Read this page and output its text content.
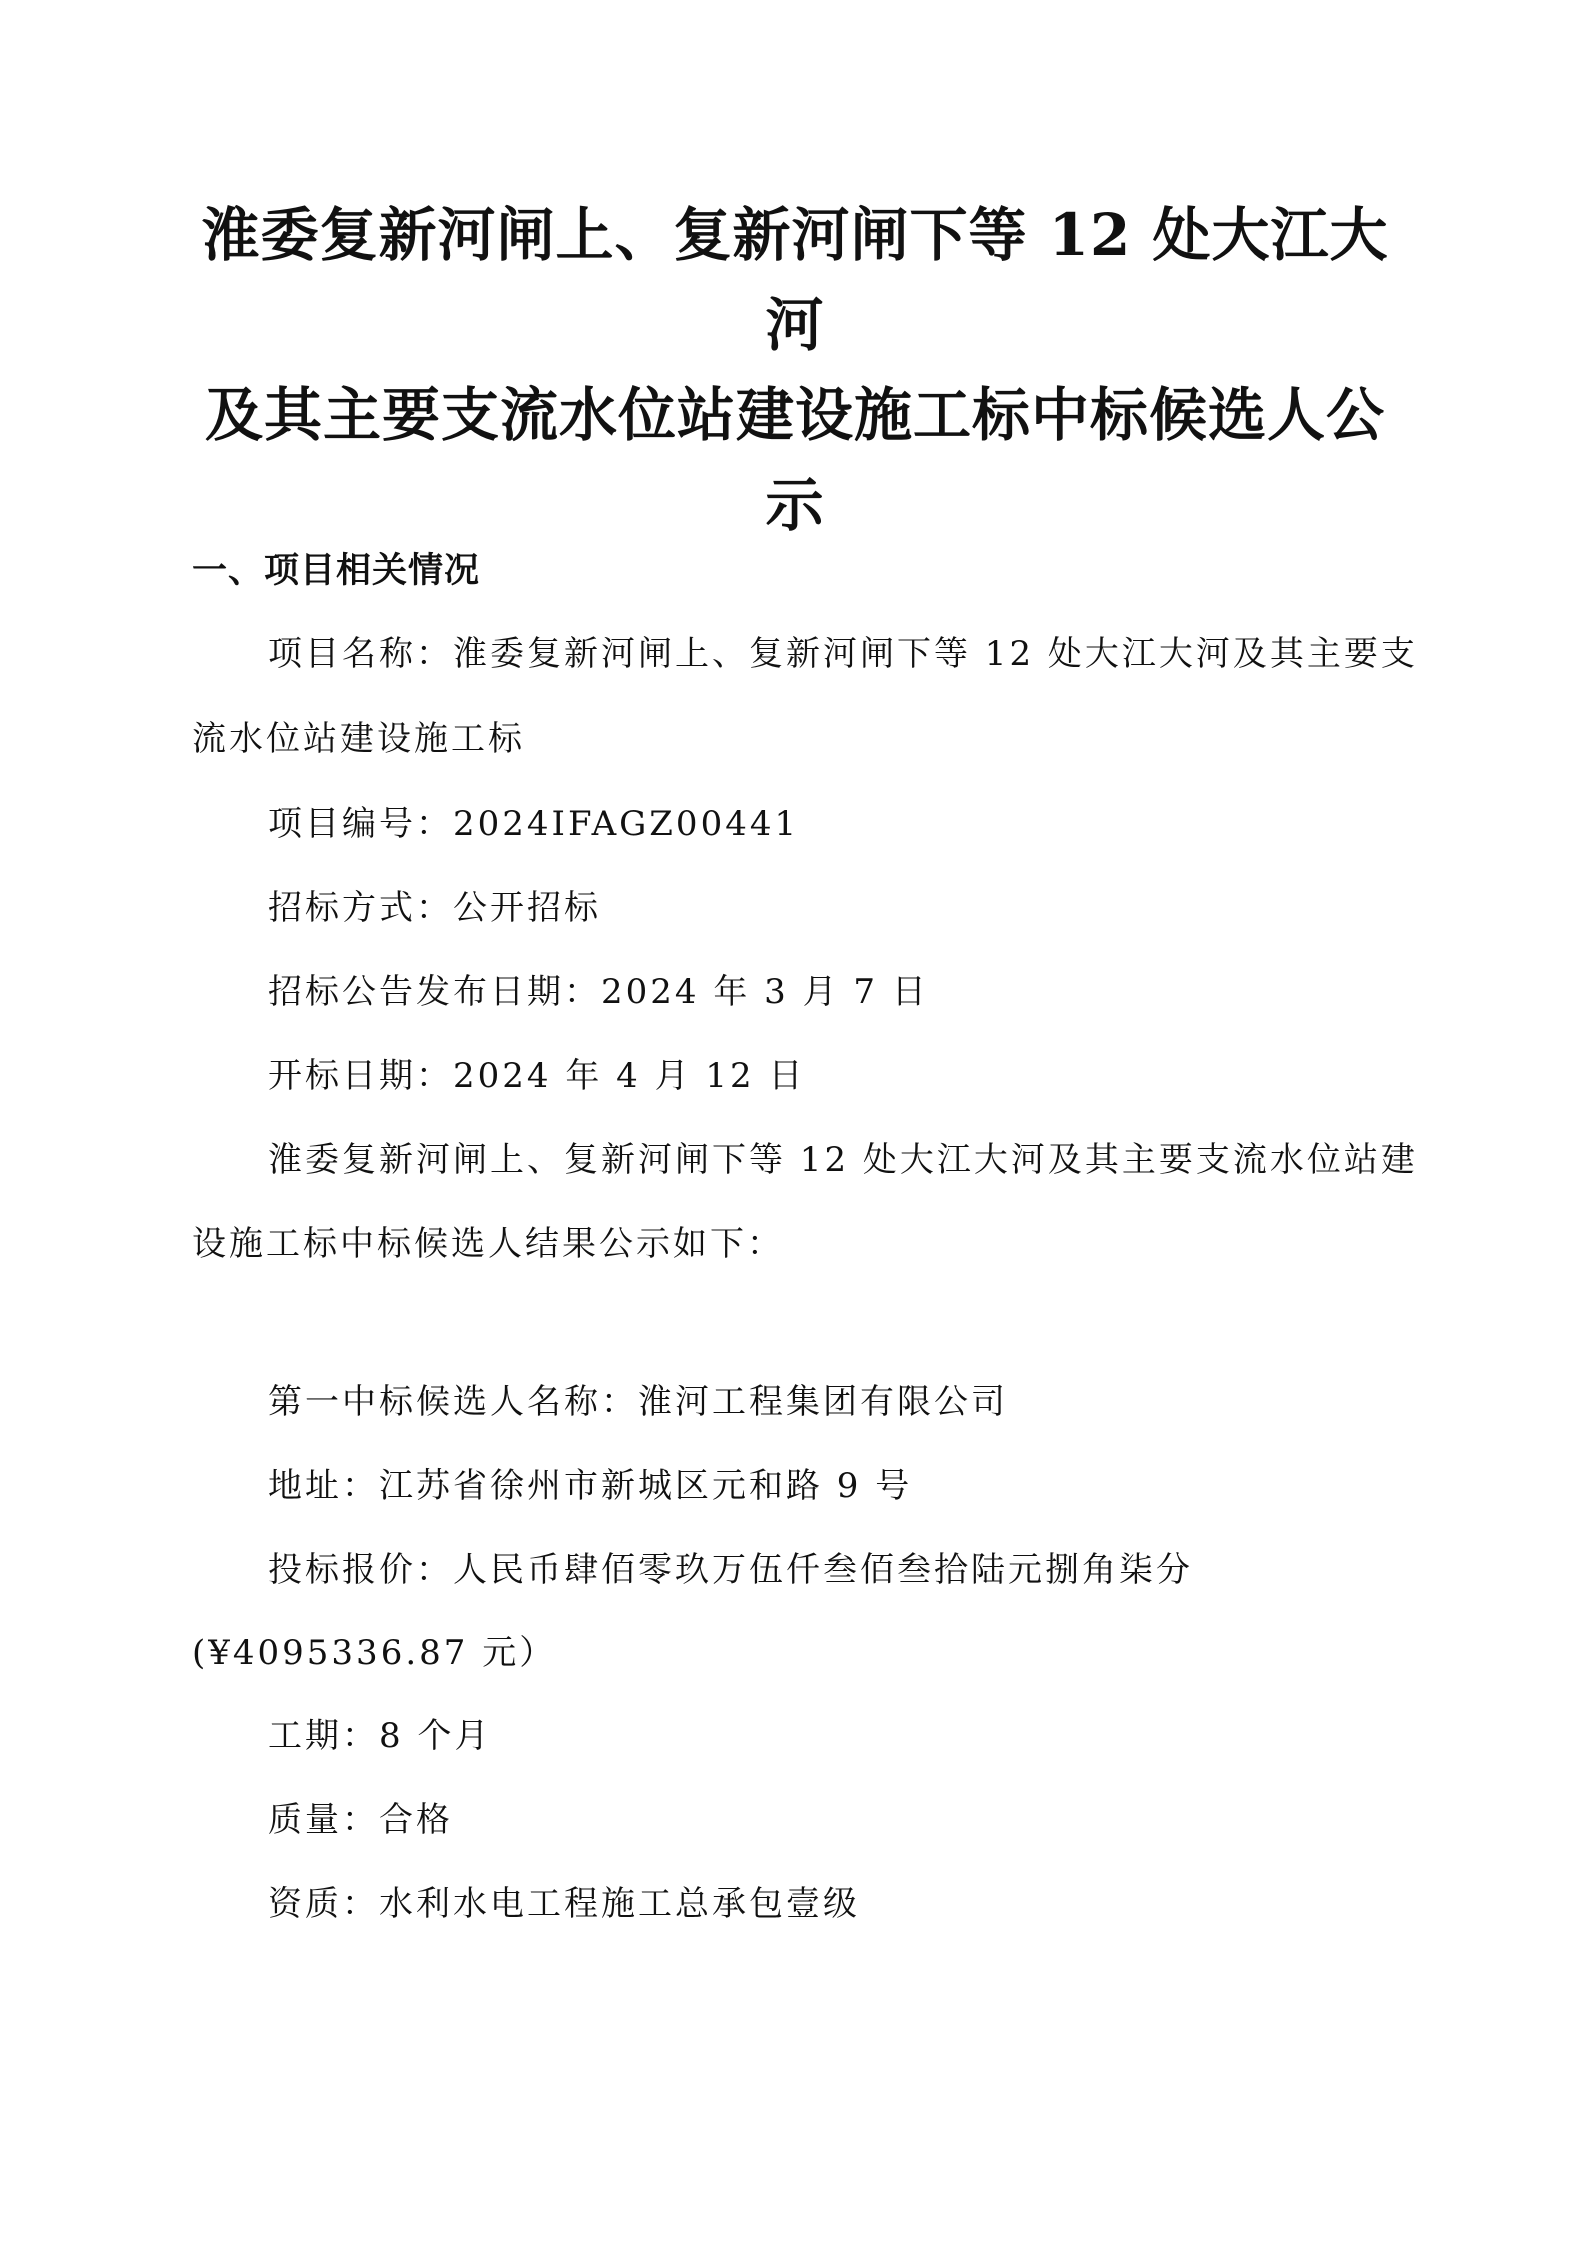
淮委复新河闸上、复新河闸下等 12 处大江大河
及其主要支流水位站建设施工标中标候选人公
示
一、项目相关情况
项目名称：淮委复新河闸上、复新河闸下等 12 处大江大河及其主要支
流水位站建设施工标
项目编号：2024IFAGZ00441
招标方式：公开招标
招标公告发布日期：2024 年 3 月 7 日
开标日期：2024 年 4 月 12 日
淮委复新河闸上、复新河闸下等 12 处大江大河及其主要支流水位站建
设施工标中标候选人结果公示如下：
第一中标候选人名称：淮河工程集团有限公司
地址：江苏省徐州市新城区元和路 9 号
投标报价：人民币肆佰零玖万伍仟叁佰叁拾陆元捌角柒分
(¥4095336.87 元）
工期：8 个月
质量：合格
资质：水利水电工程施工总承包壹级
